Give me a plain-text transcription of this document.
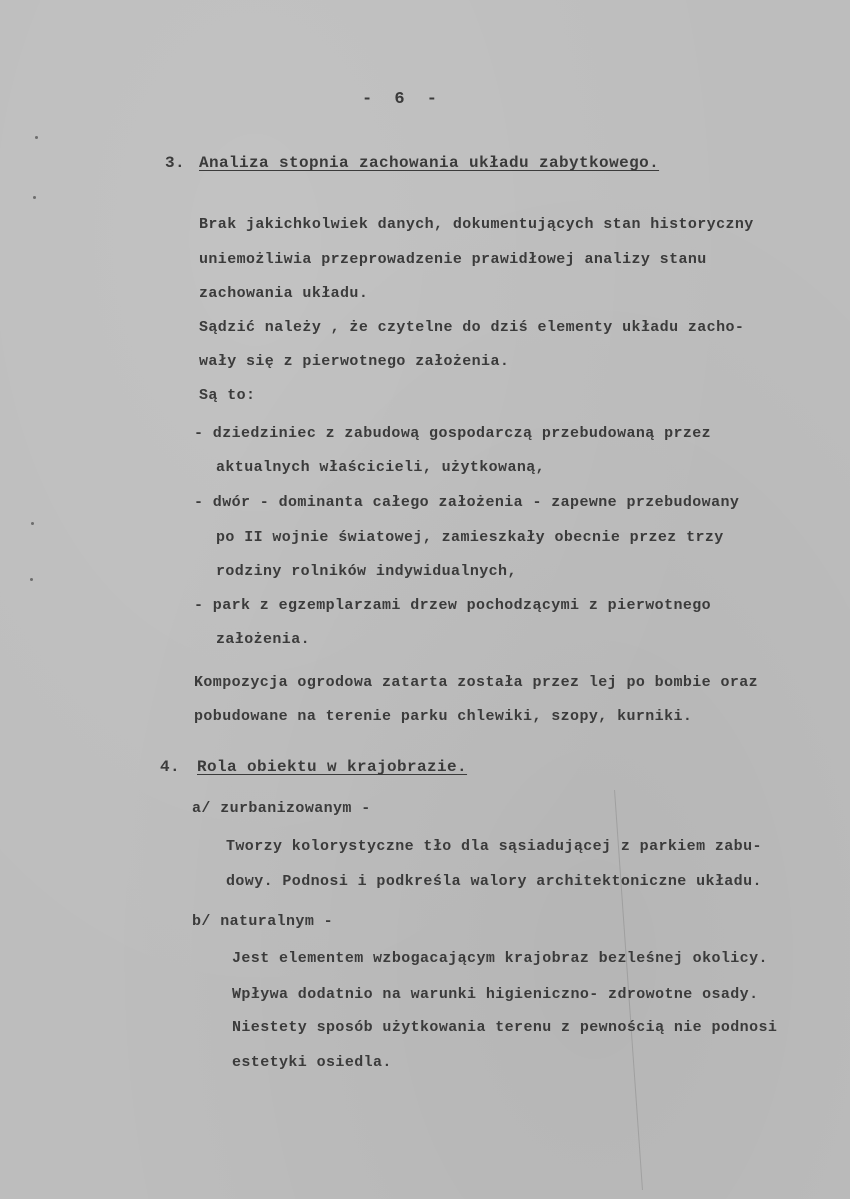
- 6 -
3. Analiza stopnia zachowania układu zabytkowego.
Brak jakichkolwiek danych, dokumentujących stan historyczny
uniemożliwia przeprowadzenie prawidłowej analizy stanu
zachowania układu.
Sądzić należy , że czytelne do dziś elementy układu zacho-
wały się z pierwotnego założenia.
Są to:
- dziedziniec z zabudową gospodarczą przebudowaną przez
aktualnych właścicieli, użytkowaną,
- dwór - dominanta całego założenia - zapewne przebudowany
po II wojnie światowej, zamieszkały obecnie przez trzy
rodziny rolników indywidualnych,
- park z egzemplarzami drzew pochodzącymi z pierwotnego
założenia.
Kompozycja ogrodowa zatarta została przez lej po bombie oraz
pobudowane na terenie parku chlewiki, szopy, kurniki.
4. Rola obiektu w krajobrazie.
a/ zurbanizowanym -
Tworzy kolorystyczne tło dla sąsiadującej z parkiem zabu-
dowy. Podnosi i podkreśla walory architektoniczne układu.
b/ naturalnym -
Jest elementem wzbogacającym krajobraz bezleśnej okolicy.
Wpływa dodatnio na warunki higieniczno- zdrowotne osady.
Niestety sposób użytkowania terenu z pewnością nie podnosi
estetyki osiedla.
